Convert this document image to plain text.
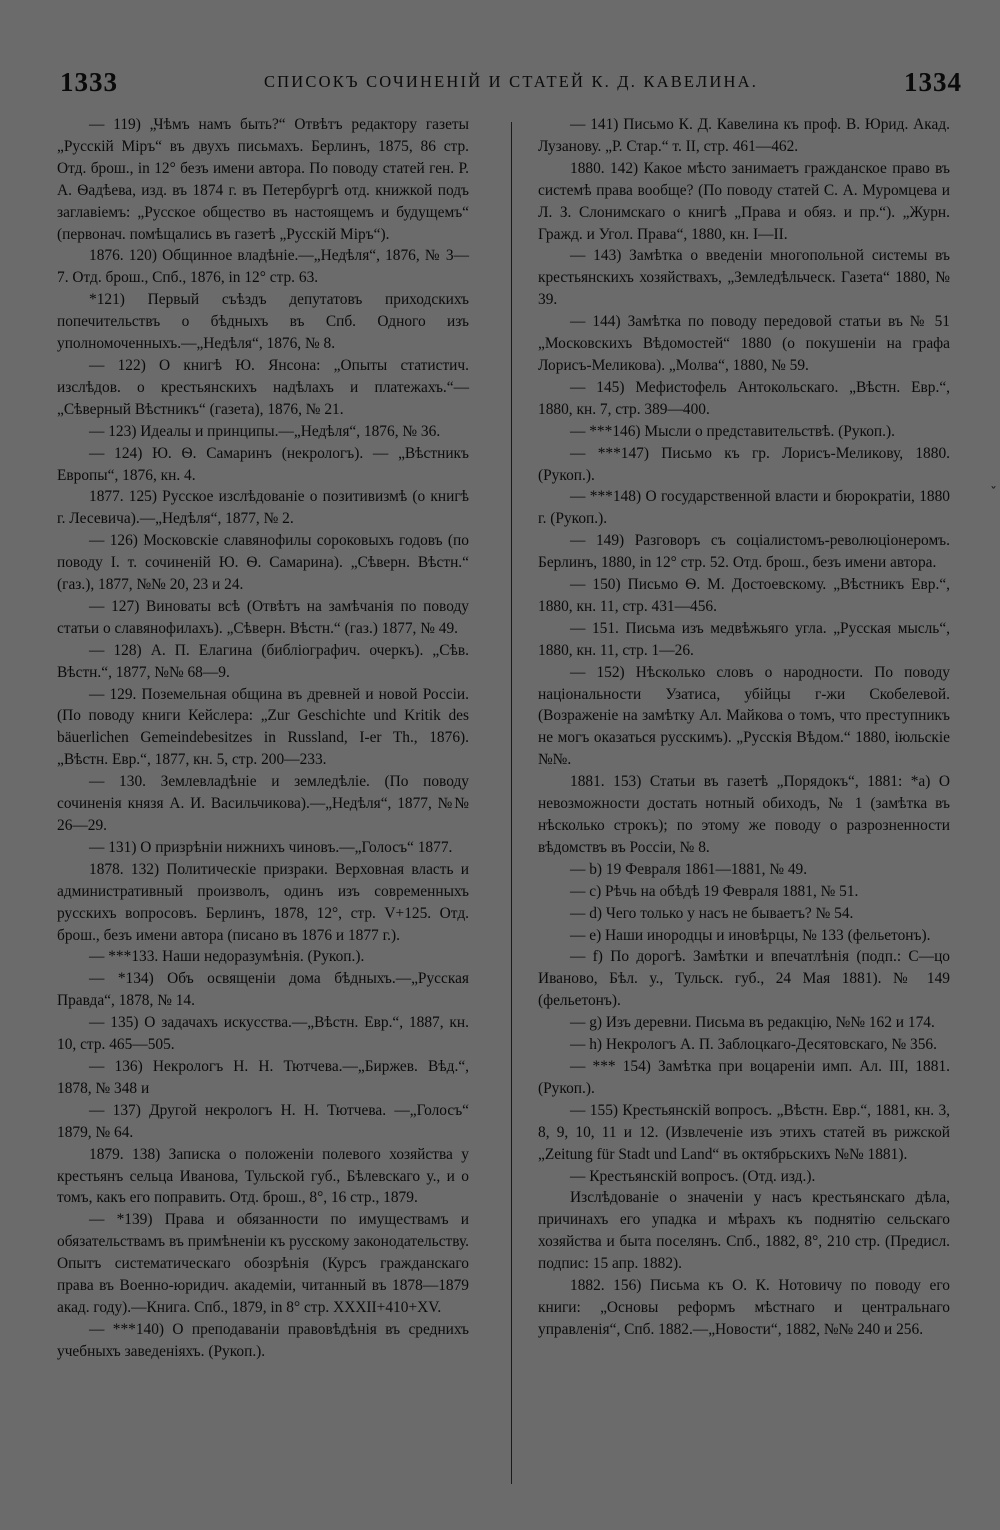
1333	СПИСОКЪ СОЧИНЕНІЙ И СТАТЕЙ К. Д. КАВЕЛИНА.	1334

— 119) „Чѣмъ намъ быть?“ Отвѣтъ редактору газеты „Русскій Міръ“ въ двухъ письмахъ. Берлинъ, 1875, 86 стр. Отд. брош., in 12° безъ имени автора. По поводу статей ген. Р. А. Ѳадѣева, изд. въ 1874 г. въ Петербургѣ отд. книжкой подъ заглавіемъ: „Русское общество въ настоящемъ и будущемъ“ (первонач. помѣщались въ газетѣ „Русскій Міръ“).

1876. 120) Общинное владѣніе.—„Недѣля“, 1876, № 3—7. Отд. брош., Спб., 1876, in 12° стр. 63.

*121) Первый съѣздъ депутатовъ приходскихъ попечительствъ о бѣдныхъ въ Спб. Одного изъ уполномоченныхъ.—„Недѣля“, 1876, № 8.

— 122) О книгѣ Ю. Янсона: „Опыты статистич. изслѣдов. о крестьянскихъ надѣлахъ и платежахъ.“—„Сѣверный Вѣстникъ“ (газета), 1876, № 21.

— 123) Идеалы и принципы.—„Недѣля“, 1876, № 36.

— 124) Ю. Ѳ. Самаринъ (некрологъ). — „Вѣстникъ Европы“, 1876, кн. 4.

1877. 125) Русское изслѣдованіе о позитивизмѣ (о книгѣ г. Лесевича).—„Недѣля“, 1877, № 2.

— 126) Московскіе славянофилы сороковыхъ годовъ (по поводу I. т. сочиненій Ю. Ѳ. Самарина). „Сѣверн. Вѣстн.“ (газ.), 1877, №№ 20, 23 и 24.

— 127) Виноваты всѣ (Отвѣтъ на замѣчанія по поводу статьи о славянофилахъ). „Сѣверн. Вѣстн.“ (газ.) 1877, № 49.

— 128) А. П. Елагина (библіографич. очеркъ). „Сѣв. Вѣстн.“, 1877, №№ 68—9.

— 129. Поземельная община въ древней и новой Россіи. (По поводу книги Кейслера: „Zur Geschichte und Kritik des bäuerlichen Gemeindebesitzes in Russland, I-er Th., 1876). „Вѣстн. Евр.“, 1877, кн. 5, стр. 200—233.

— 130. Землевладѣніе и земледѣліе. (По поводу сочиненія князя А. И. Васильчикова).—„Недѣля“, 1877, №№ 26—29.

— 131) О призрѣніи нижнихъ чиновъ.—„Голосъ“ 1877.

1878. 132) Политическіе призраки. Верховная власть и административный произволъ, одинъ изъ современныхъ русскихъ вопросовъ. Берлинъ, 1878, 12°, стр. V+125. Отд. брош., безъ имени автора (писано въ 1876 и 1877 г.).

— ***133. Наши недоразумѣнія. (Рукоп.).

— *134) Объ освященіи дома бѣдныхъ.—„Русская Правда“, 1878, № 14.

— 135) О задачахъ искусства.—„Вѣстн. Евр.“, 1887, кн. 10, стр. 465—505.

— 136) Некрологъ Н. Н. Тютчева.—„Биржев. Вѣд.“, 1878, № 348 и

— 137) Другой некрологъ Н. Н. Тютчева. —„Голосъ“ 1879, № 64.

1879. 138) Записка о положеніи полевого хозяйства у крестьянъ сельца Иванова, Тульской губ., Бѣлевскаго у., и о томъ, какъ его поправить. Отд. брош., 8°, 16 стр., 1879.

— *139) Права и обязанности по имуществамъ и обязательствамъ въ примѣненіи къ русскому законодательству. Опытъ систематическаго обозрѣнія (Курсъ гражданскаго права въ Военно-юридич. академіи, читанный въ 1878—1879 акад. году).—Книга. Спб., 1879, in 8° стр. XXXII+410+XV.

— ***140) О преподаваніи правовѣдѣнія въ среднихъ учебныхъ заведеніяхъ. (Рукоп.).

— 141) Письмо К. Д. Кавелина къ проф. В. Юрид. Акад. Лузанову. „Р. Стар.“ т. II, стр. 461—462.

1880. 142) Какое мѣсто занимаетъ гражданское право въ системѣ права вообще? (По поводу статей С. А. Муромцева и Л. З. Слонимскаго о книгѣ „Права и обяз. и пр.“). „Журн. Гражд. и Угол. Права“, 1880, кн. I—II.

— 143) Замѣтка о введеніи многопольной системы въ крестьянскихъ хозяйствахъ, „Земледѣльческ. Газета“ 1880, № 39.

— 144) Замѣтка по поводу передовой статьи въ № 51 „Московскихъ Вѣдомостей“ 1880 (о покушеніи на графа Лорисъ-Меликова). „Молва“, 1880, № 59.

— 145) Мефистофель Антокольскаго. „Вѣстн. Евр.“, 1880, кн. 7, стр. 389—400.

— ***146) Мысли о представительствѣ. (Рукоп.).

— ***147) Письмо къ гр. Лорисъ-Меликову, 1880. (Рукоп.).

— ***148) О государственной власти и бюрократіи, 1880 г. (Рукоп.).

— 149) Разговоръ съ соціалистомъ-революціонеромъ. Берлинъ, 1880, in 12° стр. 52. Отд. брош., безъ имени автора.

— 150) Письмо Ѳ. М. Достоевскому. „Вѣстникъ Евр.“, 1880, кн. 11, стр. 431—456.

— 151. Письма изъ медвѣжьяго угла. „Русская мысль“, 1880, кн. 11, стр. 1—26.

— 152) Нѣсколько словъ о народности. По поводу національности Узатиса, убійцы г-жи Скобелевой. (Возраженіе на замѣтку Ал. Майкова о томъ, что преступникъ не могъ оказаться русскимъ). „Русскія Вѣдом.“ 1880, іюльскіе №№.

1881. 153) Статьи въ газетѣ „Порядокъ“, 1881: *a) О невозможности достать нотный обиходъ, № 1 (замѣтка въ нѣсколько строкъ); по этому же поводу о разрозненности вѣдомствъ въ Россіи, № 8.

— b) 19 Февраля 1861—1881, № 49.

— c) Рѣчь на обѣдѣ 19 Февраля 1881, № 51.

— d) Чего только у насъ не бываетъ? № 54.

— e) Наши инородцы и иновѣрцы, № 133 (фельетонъ).

— f) По дорогѣ. Замѣтки и впечатлѣнія (подп.: С—цо Иваново, Бѣл. у., Тульск. губ., 24 Мая 1881). № 149 (фельетонъ).

— g) Изъ деревни. Письма въ редакцію, №№ 162 и 174.

— h) Некрологъ А. П. Заблоцкаго-Десятовскаго, № 356.

— *** 154) Замѣтка при воцареніи имп. Ал. III, 1881. (Рукоп.).

— 155) Крестьянскій вопросъ. „Вѣстн. Евр.“, 1881, кн. 3, 8, 9, 10, 11 и 12. (Извлеченіе изъ этихъ статей въ рижской „Zeitung für Stadt und Land“ въ октябрьскихъ №№ 1881).

— Крестьянскій вопросъ. (Отд. изд.).

Изслѣдованіе о значеніи у насъ крестьянскаго дѣла, причинахъ его упадка и мѣрахъ къ поднятію сельскаго хозяйства и быта поселянъ. Спб., 1882, 8°, 210 стр. (Предисл. подпис: 15 апр. 1882).

1882. 156) Письма къ О. К. Нотовичу по поводу его книги: „Основы реформъ мѣстнаго и центральнаго управленія“, Спб. 1882.—„Новости“, 1882, №№ 240 и 256.

ˇ
